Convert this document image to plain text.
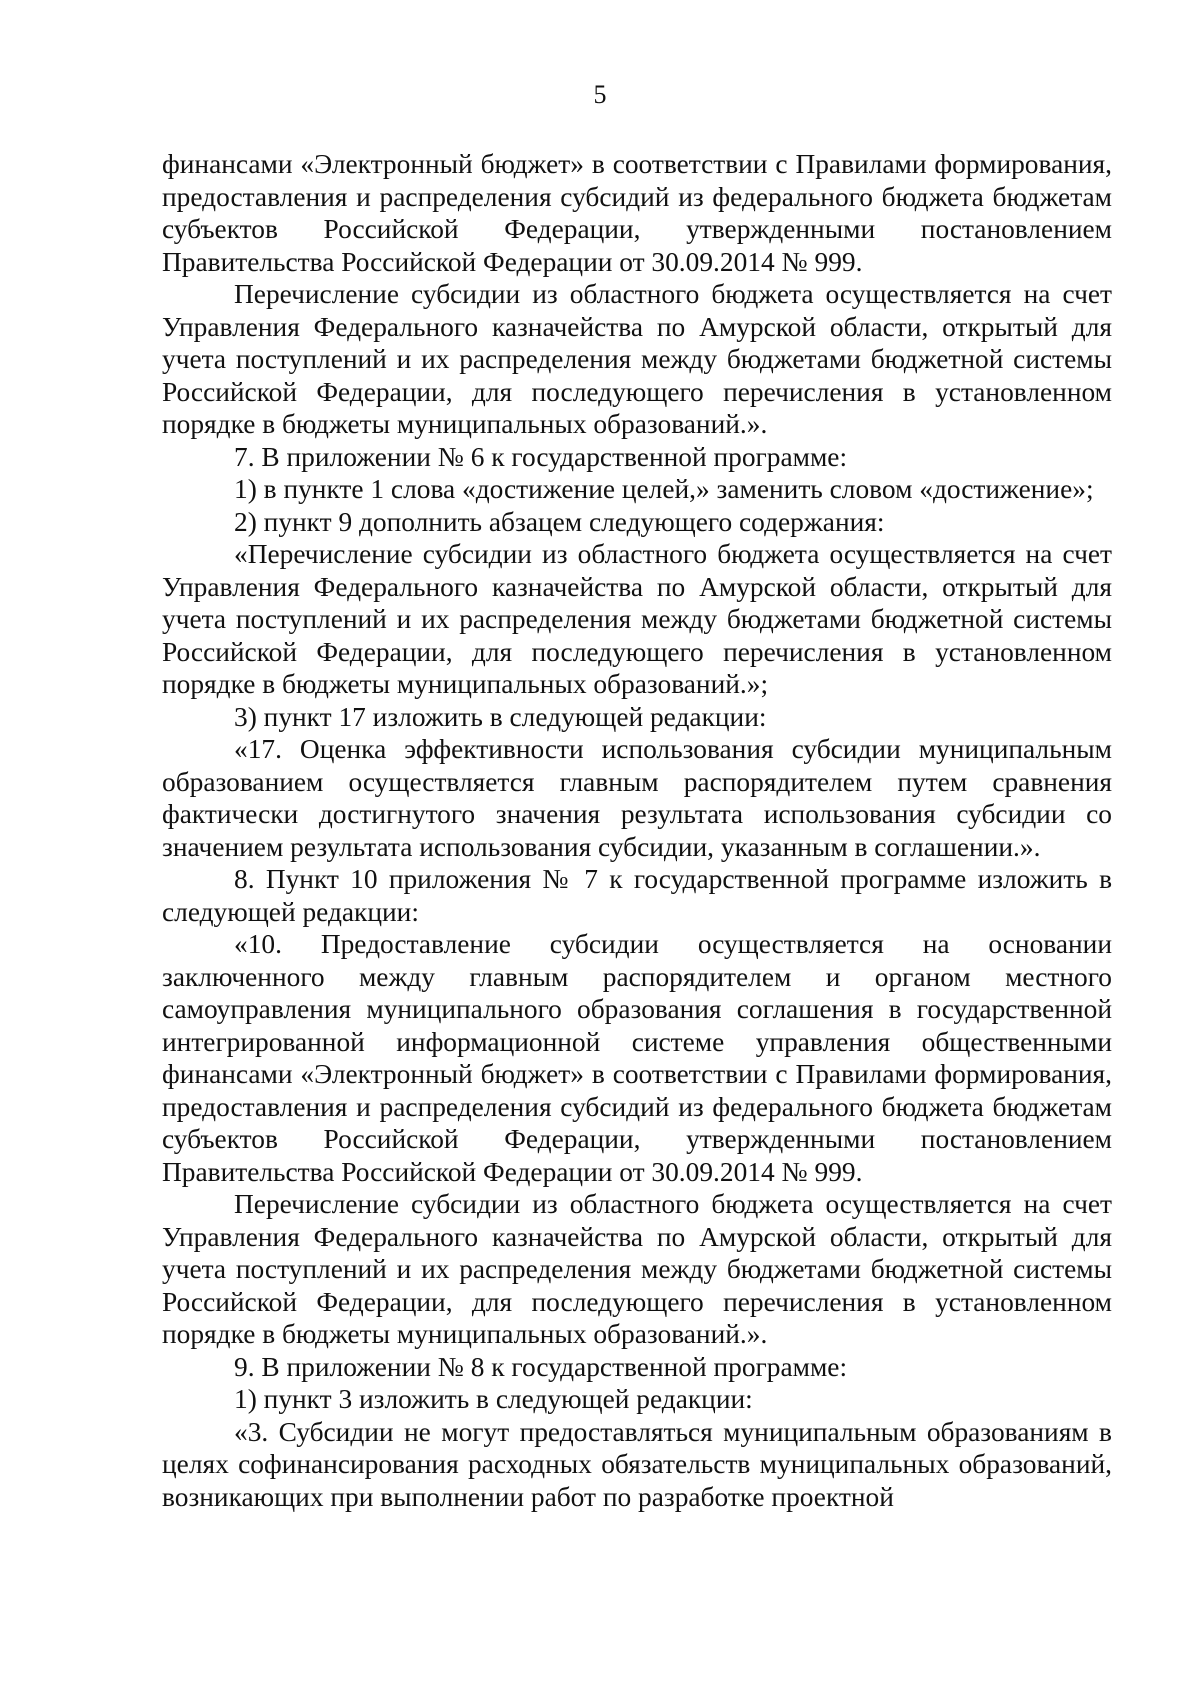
5

финансами «Электронный бюджет» в соответствии с Правилами формирования, предоставления и распределения субсидий из федерального бюджета бюджетам субъектов Российской Федерации, утвержденными постановлением Правительства Российской Федерации от 30.09.2014 № 999.

Перечисление субсидии из областного бюджета осуществляется на счет Управления Федерального казначейства по Амурской области, открытый для учета поступлений и их распределения между бюджетами бюджетной системы Российской Федерации, для последующего перечисления в установленном порядке в бюджеты муниципальных образований.».

7. В приложении № 6 к государственной программе:

1) в пункте 1 слова «достижение целей,» заменить словом «достижение»;

2) пункт 9 дополнить абзацем следующего содержания:

«Перечисление субсидии из областного бюджета осуществляется на счет Управления Федерального казначейства по Амурской области, открытый для учета поступлений и их распределения между бюджетами бюджетной системы Российской Федерации, для последующего перечисления в установленном порядке в бюджеты муниципальных образований.»;

3) пункт 17 изложить в следующей редакции:

«17. Оценка эффективности использования субсидии муниципальным образованием осуществляется главным распорядителем путем сравнения фактически достигнутого значения результата использования субсидии со значением результата использования субсидии, указанным в соглашении.».

8. Пункт 10 приложения № 7 к государственной программе изложить в следующей редакции:

«10. Предоставление субсидии осуществляется на основании заключенного между главным распорядителем и органом местного самоуправления муниципального образования соглашения в государственной интегрированной информационной системе управления общественными финансами «Электронный бюджет» в соответствии с Правилами формирования, предоставления и распределения субсидий из федерального бюджета бюджетам субъектов Российской Федерации, утвержденными постановлением Правительства Российской Федерации от 30.09.2014 № 999.

Перечисление субсидии из областного бюджета осуществляется на счет Управления Федерального казначейства по Амурской области, открытый для учета поступлений и их распределения между бюджетами бюджетной системы Российской Федерации, для последующего перечисления в установленном порядке в бюджеты муниципальных образований.».

9. В приложении № 8 к государственной программе:

1) пункт 3 изложить в следующей редакции:

«3. Субсидии не могут предоставляться муниципальным образованиям в целях софинансирования расходных обязательств муниципальных образований, возникающих при выполнении работ по разработке проектной
